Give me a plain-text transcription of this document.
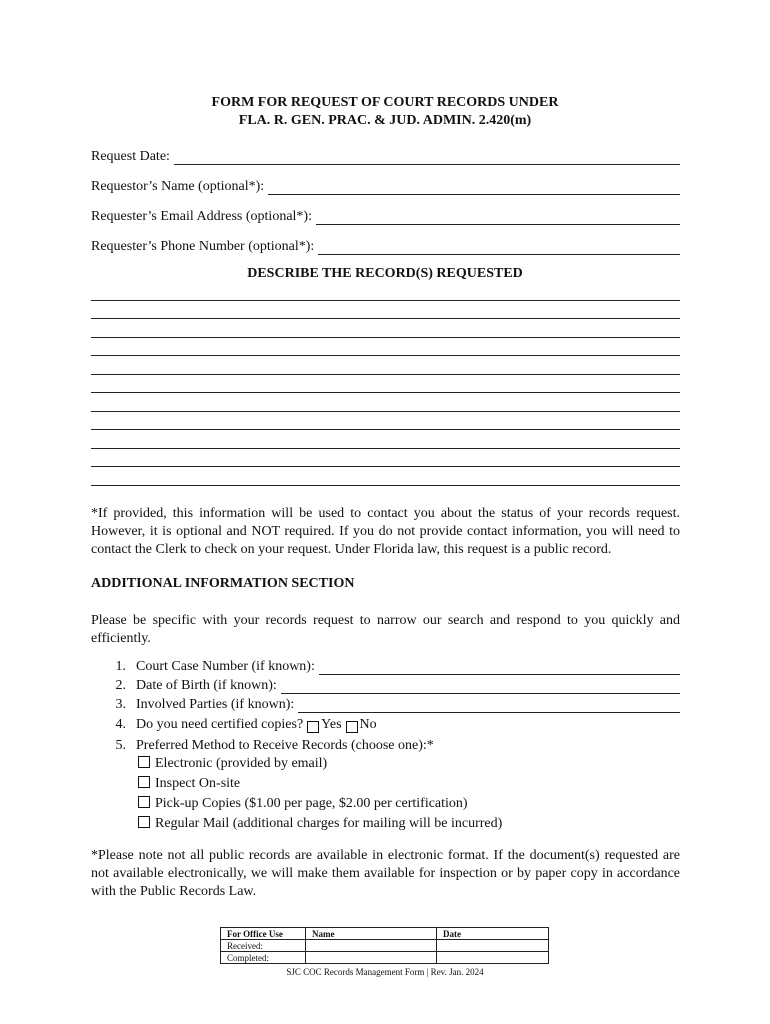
FORM FOR REQUEST OF COURT RECORDS UNDER
FLA. R. GEN. PRAC. & JUD. ADMIN. 2.420(m)
Request Date:
Requestor’s Name (optional*):
Requester’s Email Address (optional*):
Requester’s Phone Number (optional*):
DESCRIBE THE RECORD(S) REQUESTED
*If provided, this information will be used to contact you about the status of your records request. However, it is optional and NOT required. If you do not provide contact information, you will need to contact the Clerk to check on your request. Under Florida law, this request is a public record.
ADDITIONAL INFORMATION SECTION
Please be specific with your records request to narrow our search and respond to you quickly and efficiently.
1. Court Case Number (if known):
2. Date of Birth (if known):
3. Involved Parties (if known):
4. Do you need certified copies? Yes No
5. Preferred Method to Receive Records (choose one):*
Electronic (provided by email)
Inspect On-site
Pick-up Copies ($1.00 per page, $2.00 per certification)
Regular Mail (additional charges for mailing will be incurred)
*Please note not all public records are available in electronic format. If the document(s) requested are not available electronically, we will make them available for inspection or by paper copy in accordance with the Public Records Law.
For Office Use	Name	Date
Received:		
Completed:		
SJC COC Records Management Form | Rev. Jan. 2024
